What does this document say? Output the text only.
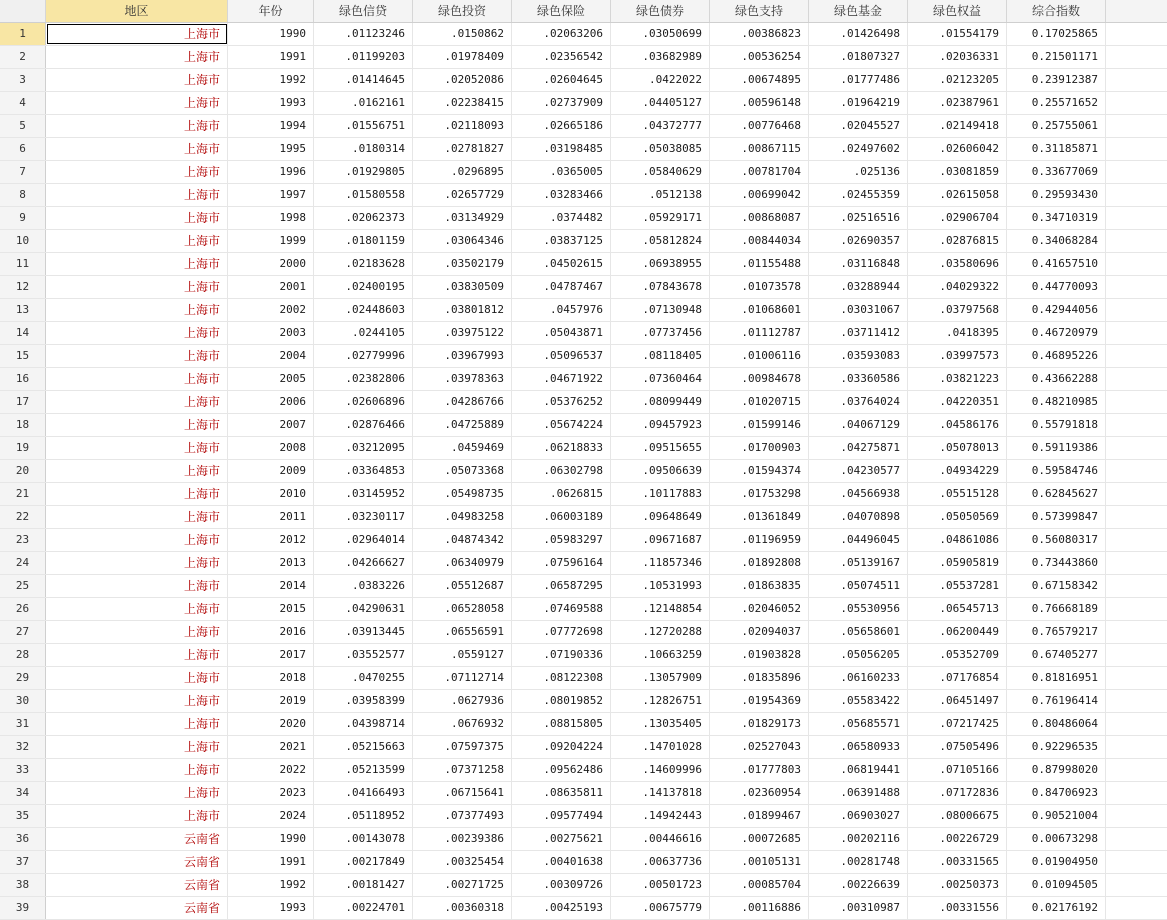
地区	年份	绿色信贷	绿色投资	绿色保险	绿色债券	绿色支持	绿色基金	绿色权益	综合指数
1	上海市	1990	.01123246	.0150862	.02063206	.03050699	.00386823	.01426498	.01554179	0.17025865
2	上海市	1991	.01199203	.01978409	.02356542	.03682989	.00536254	.01807327	.02036331	0.21501171
3	上海市	1992	.01414645	.02052086	.02604645	.0422022	.00674895	.01777486	.02123205	0.23912387
4	上海市	1993	.0162161	.02238415	.02737909	.04405127	.00596148	.01964219	.02387961	0.25571652
5	上海市	1994	.01556751	.02118093	.02665186	.04372777	.00776468	.02045527	.02149418	0.25755061
6	上海市	1995	.0180314	.02781827	.03198485	.05038085	.00867115	.02497602	.02606042	0.31185871
7	上海市	1996	.01929805	.0296895	.0365005	.05840629	.00781704	.025136	.03081859	0.33677069
8	上海市	1997	.01580558	.02657729	.03283466	.0512138	.00699042	.02455359	.02615058	0.29593430
9	上海市	1998	.02062373	.03134929	.0374482	.05929171	.00868087	.02516516	.02906704	0.34710319
10	上海市	1999	.01801159	.03064346	.03837125	.05812824	.00844034	.02690357	.02876815	0.34068284
11	上海市	2000	.02183628	.03502179	.04502615	.06938955	.01155488	.03116848	.03580696	0.41657510
12	上海市	2001	.02400195	.03830509	.04787467	.07843678	.01073578	.03288944	.04029322	0.44770093
13	上海市	2002	.02448603	.03801812	.0457976	.07130948	.01068601	.03031067	.03797568	0.42944056
14	上海市	2003	.0244105	.03975122	.05043871	.07737456	.01112787	.03711412	.0418395	0.46720979
15	上海市	2004	.02779996	.03967993	.05096537	.08118405	.01006116	.03593083	.03997573	0.46895226
16	上海市	2005	.02382806	.03978363	.04671922	.07360464	.00984678	.03360586	.03821223	0.43662288
17	上海市	2006	.02606896	.04286766	.05376252	.08099449	.01020715	.03764024	.04220351	0.48210985
18	上海市	2007	.02876466	.04725889	.05674224	.09457923	.01599146	.04067129	.04586176	0.55791818
19	上海市	2008	.03212095	.0459469	.06218833	.09515655	.01700903	.04275871	.05078013	0.59119386
20	上海市	2009	.03364853	.05073368	.06302798	.09506639	.01594374	.04230577	.04934229	0.59584746
21	上海市	2010	.03145952	.05498735	.0626815	.10117883	.01753298	.04566938	.05515128	0.62845627
22	上海市	2011	.03230117	.04983258	.06003189	.09648649	.01361849	.04070898	.05050569	0.57399847
23	上海市	2012	.02964014	.04874342	.05983297	.09671687	.01196959	.04496045	.04861086	0.56080317
24	上海市	2013	.04266627	.06340979	.07596164	.11857346	.01892808	.05139167	.05905819	0.73443860
25	上海市	2014	.0383226	.05512687	.06587295	.10531993	.01863835	.05074511	.05537281	0.67158342
26	上海市	2015	.04290631	.06528058	.07469588	.12148854	.02046052	.05530956	.06545713	0.76668189
27	上海市	2016	.03913445	.06556591	.07772698	.12720288	.02094037	.05658601	.06200449	0.76579217
28	上海市	2017	.03552577	.0559127	.07190336	.10663259	.01903828	.05056205	.05352709	0.67405277
29	上海市	2018	.0470255	.07112714	.08122308	.13057909	.01835896	.06160233	.07176854	0.81816951
30	上海市	2019	.03958399	.0627936	.08019852	.12826751	.01954369	.05583422	.06451497	0.76196414
31	上海市	2020	.04398714	.0676932	.08815805	.13035405	.01829173	.05685571	.07217425	0.80486064
32	上海市	2021	.05215663	.07597375	.09204224	.14701028	.02527043	.06580933	.07505496	0.92296535
33	上海市	2022	.05213599	.07371258	.09562486	.14609996	.01777803	.06819441	.07105166	0.87998020
34	上海市	2023	.04166493	.06715641	.08635811	.14137818	.02360954	.06391488	.07172836	0.84706923
35	上海市	2024	.05118952	.07377493	.09577494	.14942443	.01899467	.06903027	.08006675	0.90521004
36	云南省	1990	.00143078	.00239386	.00275621	.00446616	.00072685	.00202116	.00226729	0.00673298
37	云南省	1991	.00217849	.00325454	.00401638	.00637736	.00105131	.00281748	.00331565	0.01904950
38	云南省	1992	.00181427	.00271725	.00309726	.00501723	.00085704	.00226639	.00250373	0.01094505
39	云南省	1993	.00224701	.00360318	.00425193	.00675779	.00116886	.00310987	.00331556	0.02176192
